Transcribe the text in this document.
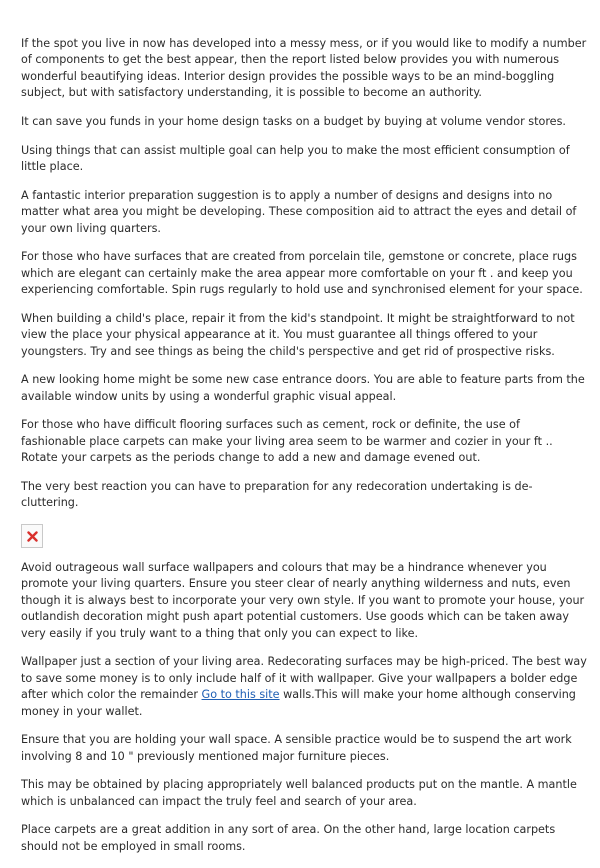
If the spot you live in now has developed into a messy mess, or if you would like to modify a number of components to get the best appear, then the report listed below provides you with numerous wonderful beautifying ideas. Interior design provides the possible ways to be an mind-boggling subject, but with satisfactory understanding, it is possible to become an authority.

It can save you funds in your home design tasks on a budget by buying at volume vendor stores.

Using things that can assist multiple goal can help you to make the most efficient consumption of little place.

A fantastic interior preparation suggestion is to apply a number of designs and designs into no matter what area you might be developing. These composition aid to attract the eyes and detail of your own living quarters.

For those who have surfaces that are created from porcelain tile, gemstone or concrete, place rugs which are elegant can certainly make the area appear more comfortable on your ft . and keep you experiencing comfortable. Spin rugs regularly to hold use and synchronised element for your space.

When building a child's place, repair it from the kid's standpoint. It might be straightforward to not view the place your physical appearance at it. You must guarantee all things offered to your youngsters. Try and see things as being the child's perspective and get rid of prospective risks.

A new looking home might be some new case entrance doors. You are able to feature parts from the available window units by using a wonderful graphic visual appeal.

For those who have difficult flooring surfaces such as cement, rock or definite, the use of fashionable place carpets can make your living area seem to be warmer and cozier in your ft .. Rotate your carpets as the periods change to add a new and damage evened out.

The very best reaction you can have to preparation for any redecoration undertaking is de-cluttering.

Avoid outrageous wall surface wallpapers and colours that may be a hindrance whenever you promote your living quarters. Ensure you steer clear of nearly anything wilderness and nuts, even though it is always best to incorporate your very own style. If you want to promote your house, your outlandish decoration might push apart potential customers. Use goods which can be taken away very easily if you truly want to a thing that only you can expect to like.

Wallpaper just a section of your living area. Redecorating surfaces may be high-priced. The best way to save some money is to only include half of it with wallpaper. Give your wallpapers a bolder edge after which color the remainder Go to this site walls.This will make your home although conserving money in your wallet.

Ensure that you are holding your wall space. A sensible practice would be to suspend the art work involving 8 and 10 " previously mentioned major furniture pieces.

This may be obtained by placing appropriately well balanced products put on the mantle. A mantle which is unbalanced can impact the truly feel and search of your area.

Place carpets are a great addition in any sort of area. On the other hand, large location carpets should not be employed in small rooms.
